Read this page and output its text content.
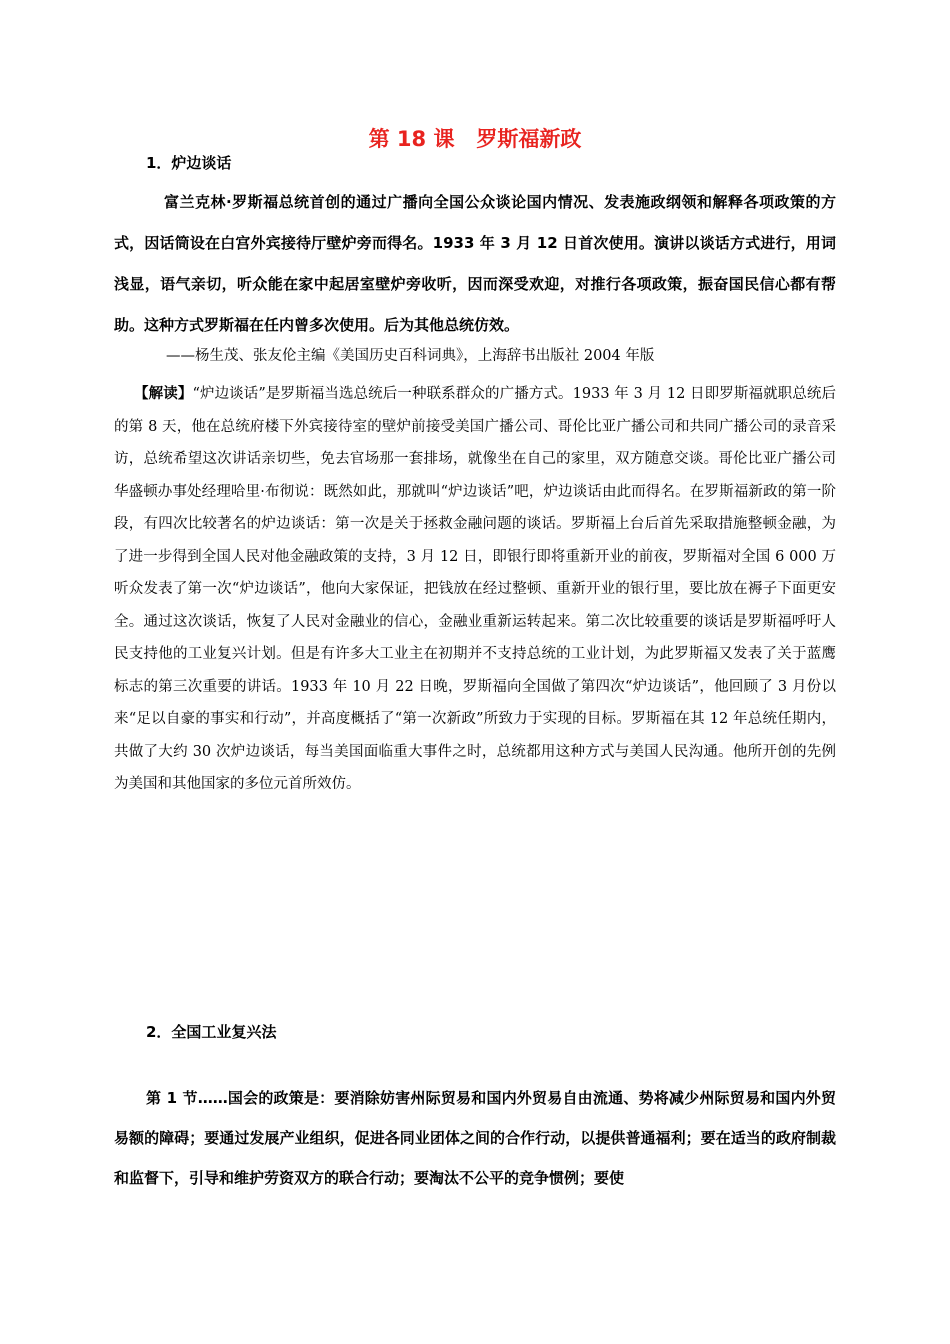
第 18 课   罗斯福新政
1．炉边谈话
富兰克林·罗斯福总统首创的通过广播向全国公众谈论国内情况、发表施政纲领和解释各项政策的方式，因话筒设在白宫外宾接待厅壁炉旁而得名。1933 年 3 月 12 日首次使用。演讲以谈话方式进行，用词浅显，语气亲切，听众能在家中起居室壁炉旁收听，因而深受欢迎，对推行各项政策，振奋国民信心都有帮助。这种方式罗斯福在任内曾多次使用。后为其他总统仿效。
——杨生茂、张友伦主编《美国历史百科词典》，上海辞书出版社 2004 年版
【解读】“炉边谈话”是罗斯福当选总统后一种联系群众的广播方式。1933 年 3 月 12 日即罗斯福就职总统后的第 8 天，他在总统府楼下外宾接待室的壁炉前接受美国广播公司、哥伦比亚广播公司和共同广播公司的录音采访，总统希望这次讲话亲切些，免去官场那一套排场，就像坐在自己的家里，双方随意交谈。哥伦比亚广播公司华盛顿办事处经理哈里·布彻说：既然如此，那就叫“炉边谈话”吧，炉边谈话由此而得名。在罗斯福新政的第一阶段，有四次比较著名的炉边谈话：第一次是关于拯救金融问题的谈话。罗斯福上台后首先采取措施整顿金融，为了进一步得到全国人民对他金融政策的支持，3 月 12 日，即银行即将重新开业的前夜，罗斯福对全国 6 000 万听众发表了第一次“炉边谈话”，他向大家保证，把钱放在经过整顿、重新开业的银行里，要比放在褥子下面更安全。通过这次谈话，恢复了人民对金融业的信心，金融业重新运转起来。第二次比较重要的谈话是罗斯福呼吁人民支持他的工业复兴计划。但是有许多大工业主在初期并不支持总统的工业计划，为此罗斯福又发表了关于蓝鹰标志的第三次重要的讲话。1933 年 10 月 22 日晚，罗斯福向全国做了第四次“炉边谈话”，他回顾了 3 月份以来“足以自豪的事实和行动”，并高度概括了“第一次新政”所致力于实现的目标。罗斯福在其 12 年总统任期内，共做了大约 30 次炉边谈话，每当美国面临重大事件之时，总统都用这种方式与美国人民沟通。他所开创的先例为美国和其他国家的多位元首所效仿。
2．全国工业复兴法
第 1 节……国会的政策是：要消除妨害州际贸易和国内外贸易自由流通、势将减少州际贸易和国内外贸易额的障碍；要通过发展产业组织，促进各同业团体之间的合作行动，以提供普通福利；要在适当的政府制裁和监督下，引导和维护劳资双方的联合行动；要淘汰不公平的竞争惯例；要使
